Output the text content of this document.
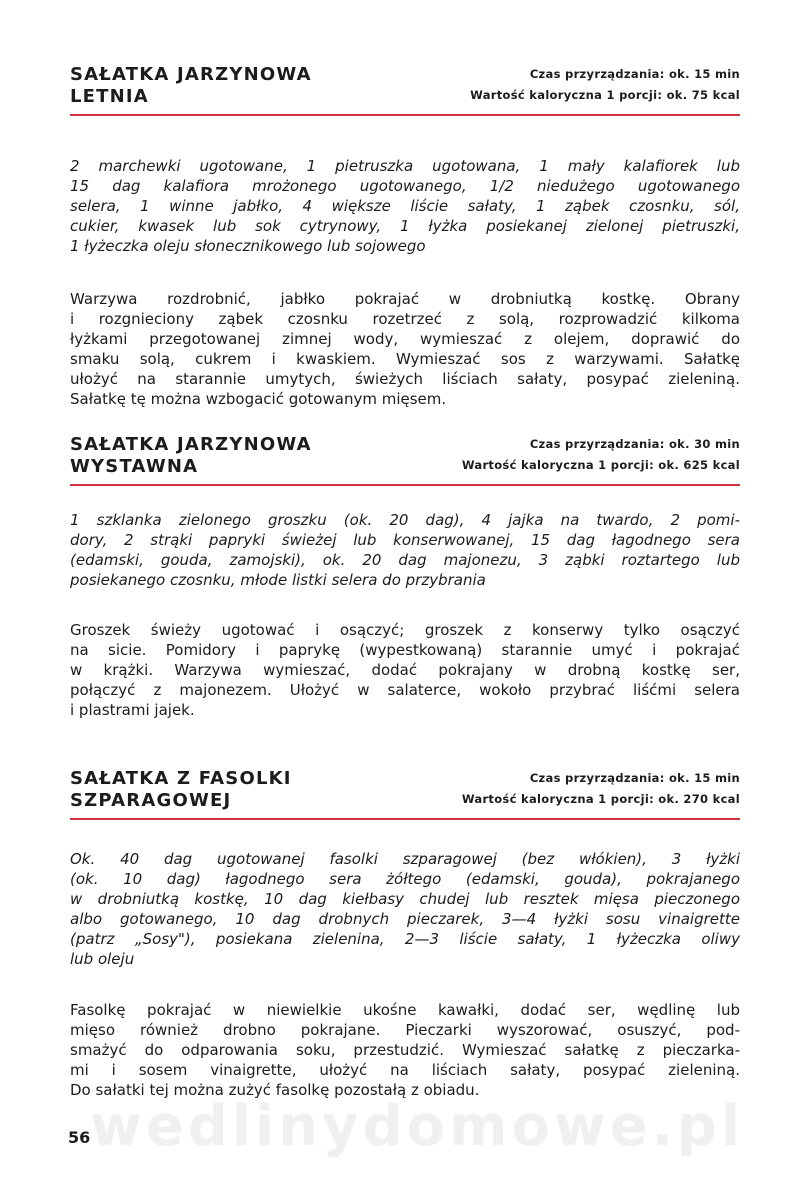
wedlinydomowe.pl
SAŁATKA JARZYNOWA
LETNIA
Czas przyrządzania: ok. 15 min
Wartość kaloryczna 1 porcji: ok. 75 kcal

2 marchewki ugotowane, 1 pietruszka ugotowana, 1 mały kalafiorek lub
15 dag kalafiora mrożonego ugotowanego, 1/2 niedużego ugotowanego
selera, 1 winne jabłko, 4 większe liście sałaty, 1 ząbek czosnku, sól,
cukier, kwasek lub sok cytrynowy, 1 łyżka posiekanej zielonej pietruszki,
1 łyżeczka oleju słonecznikowego lub sojowego

Warzywa rozdrobnić, jabłko pokrajać w drobniutką kostkę. Obrany
i rozgnieciony ząbek czosnku rozetrzeć z solą, rozprowadzić kilkoma
łyżkami przegotowanej zimnej wody, wymieszać z olejem, doprawić do
smaku solą, cukrem i kwaskiem. Wymieszać sos z warzywami. Sałatkę
ułożyć na starannie umytych, świeżych liściach sałaty, posypać zieleniną.
Sałatkę tę można wzbogacić gotowanym mięsem.

SAŁATKA JARZYNOWA
WYSTAWNA
Czas przyrządzania: ok. 30 min
Wartość kaloryczna 1 porcji: ok. 625 kcal

1 szklanka zielonego groszku (ok. 20 dag), 4 jajka na twardo, 2 pomi-
dory, 2 strąki papryki świeżej lub konserwowanej, 15 dag łagodnego sera
(edamski, gouda, zamojski), ok. 20 dag majonezu, 3 ząbki roztartego lub
posiekanego czosnku, młode listki selera do przybrania

Groszek świeży ugotować i osączyć; groszek z konserwy tylko osączyć
na sicie. Pomidory i paprykę (wypestkowaną) starannie umyć i pokrajać
w krążki. Warzywa wymieszać, dodać pokrajany w drobną kostkę ser,
połączyć z majonezem. Ułożyć w salaterce, wokoło przybrać liśćmi selera
i plastrami jajek.

SAŁATKA Z FASOLKI
SZPARAGOWEJ
Czas przyrządzania: ok. 15 min
Wartość kaloryczna 1 porcji: ok. 270 kcal

Ok. 40 dag ugotowanej fasolki szparagowej (bez włókien), 3 łyżki
(ok. 10 dag) łagodnego sera żółtego (edamski, gouda), pokrajanego
w drobniutką kostkę, 10 dag kiełbasy chudej lub resztek mięsa pieczonego
albo gotowanego, 10 dag drobnych pieczarek, 3—4 łyżki sosu vinaigrette
(patrz „Sosy"), posiekana zielenina, 2—3 liście sałaty, 1 łyżeczka oliwy
lub oleju

Fasolkę pokrajać w niewielkie ukośne kawałki, dodać ser, wędlinę lub
mięso również drobno pokrajane. Pieczarki wyszorować, osuszyć, pod-
smażyć do odparowania soku, przestudzić. Wymieszać sałatkę z pieczarka-
mi i sosem vinaigrette, ułożyć na liściach sałaty, posypać zieleniną.
Do sałatki tej można zużyć fasolkę pozostałą z obiadu.

56
